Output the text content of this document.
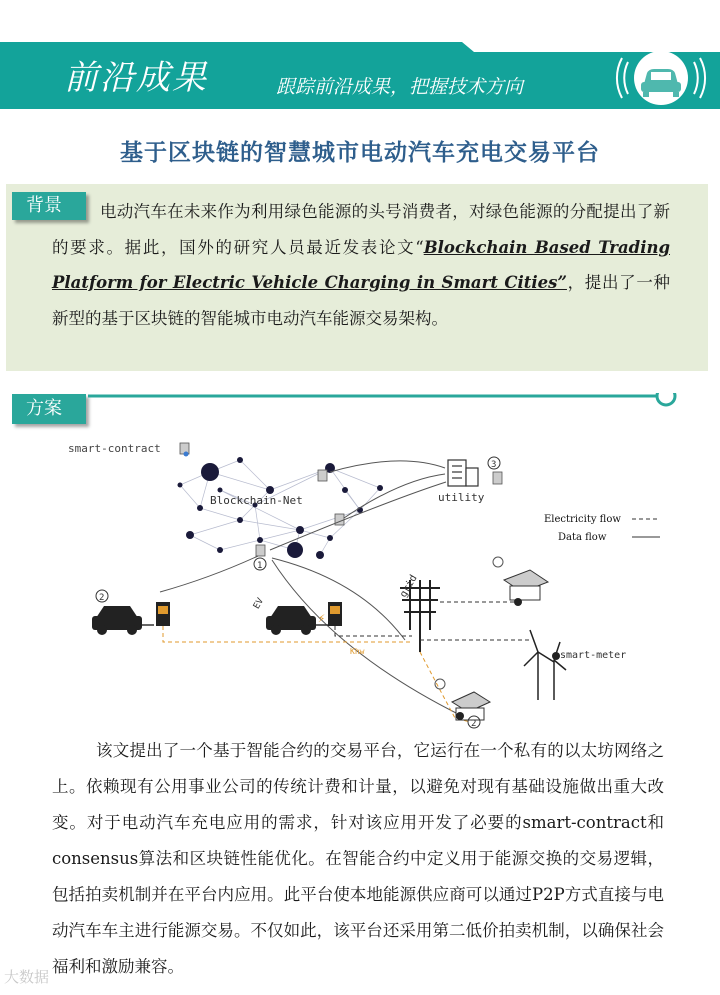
前沿成果	跟踪前沿成果，把握技术方向
基于区块链的智慧城市电动汽车充电交易平台
背景	电动汽车在未来作为利用绿色能源的头号消费者，对绿色能源的分配提出了新的要求。据此，国外的研究人员最近发表论文“Blockchain Based Trading Platform for Electric Vehicle Charging in Smart Cities”，提出了一种新型的基于区块链的智能城市电动汽车能源交易架构。
方案
smart-contract
Blockchain-Net
3
utility
Electricity flow
Data flow
1
2	EV
⚡
Khw
grid
smart-meter
2
该文提出了一个基于智能合约的交易平台，它运行在一个私有的以太坊网络之上。依赖现有公用事业公司的传统计费和计量，以避免对现有基础设施做出重大改变。对于电动汽车充电应用的需求，针对该应用开发了必要的smart-contract和consensus算法和区块链性能优化。在智能合约中定义用于能源交换的交易逻辑，包括拍卖机制并在平台内应用。此平台使本地能源供应商可以通过P2P方式直接与电动汽车车主进行能源交易。不仅如此，该平台还采用第二低价拍卖机制，以确保社会福利和激励兼容。
大数据
